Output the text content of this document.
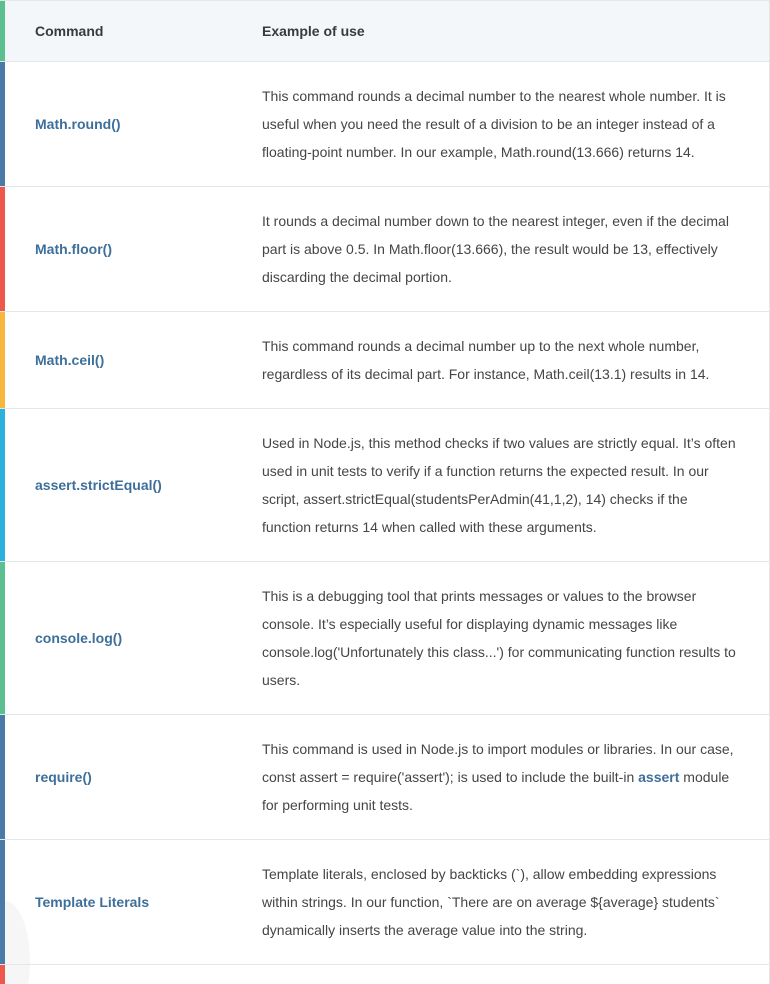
Command	Example of use
Math.round()
This command rounds a decimal number to the nearest whole number. It is useful when you need the result of a division to be an integer instead of a floating-point number. In our example, Math.round(13.666) returns 14.
Math.floor()
It rounds a decimal number down to the nearest integer, even if the decimal part is above 0.5. In Math.floor(13.666), the result would be 13, effectively discarding the decimal portion.
Math.ceil()
This command rounds a decimal number up to the next whole number, regardless of its decimal part. For instance, Math.ceil(13.1) results in 14.
assert.strictEqual()
Used in Node.js, this method checks if two values are strictly equal. It’s often used in unit tests to verify if a function returns the expected result. In our script, assert.strictEqual(studentsPerAdmin(41,1,2), 14) checks if the function returns 14 when called with these arguments.
console.log()
This is a debugging tool that prints messages or values to the browser console. It’s especially useful for displaying dynamic messages like console.log('Unfortunately this class...') for communicating function results to users.
require()
This command is used in Node.js to import modules or libraries. In our case, const assert = require('assert'); is used to include the built-in assert module for performing unit tests.
Template Literals
Template literals, enclosed by backticks (`), allow embedding expressions within strings. In our function, `There are on average ${average} students` dynamically inserts the average value into the string.
